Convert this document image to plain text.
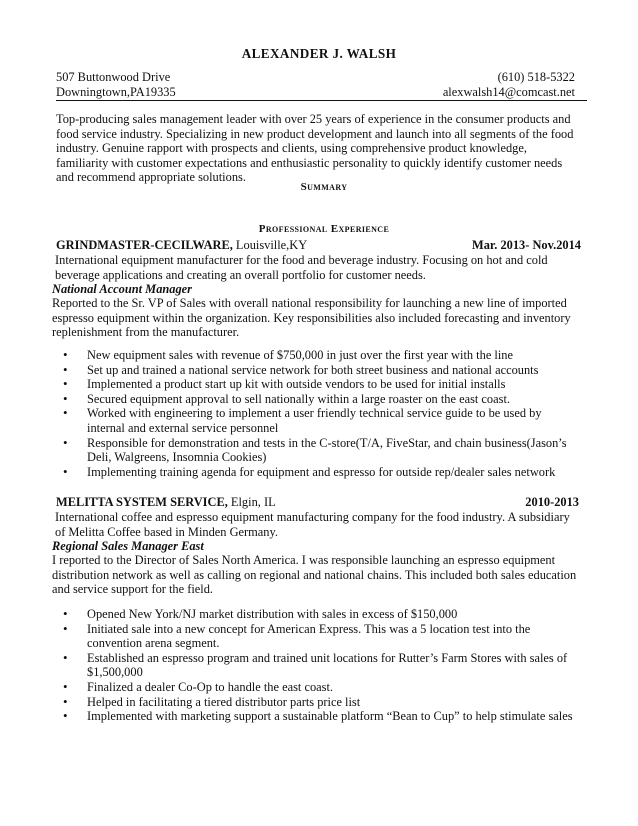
ALEXANDER J. WALSH
507 Buttonwood Drive	(610) 518-5322
Downingtown,PA19335	alexwalsh14@comcast.net
Top-producing sales management leader with over 25 years of experience in the consumer products and
food service industry. Specializing in new product development and launch into all segments of the food
industry. Genuine rapport with prospects and clients, using comprehensive product knowledge,
familiarity with customer expectations and enthusiastic personality to quickly identify customer needs
and recommend appropriate solutions.
Summary
Professional Experience
GRINDMASTER-CECILWARE, Louisville,KY	Mar. 2013- Nov.2014
International equipment manufacturer for the food and beverage industry. Focusing on hot and cold
beverage applications and creating an overall portfolio for customer needs.
National Account Manager
Reported to the Sr. VP of Sales with overall national responsibility for launching a new line of imported
espresso equipment within the organization. Key responsibilities also included forecasting and inventory
replenishment from the manufacturer.
• New equipment sales with revenue of $750,000 in just over the first year with the line
• Set up and trained a national service network for both street business and national accounts
• Implemented a product start up kit with outside vendors to be used for initial installs
• Secured equipment approval to sell nationally within a large roaster on the east coast.
• Worked with engineering to implement a user friendly technical service guide to be used by
internal and external service personnel
• Responsible for demonstration and tests in the C-store(T/A, FiveStar, and chain business(Jason’s
Deli, Walgreens, Insomnia Cookies)
• Implementing training agenda for equipment and espresso for outside rep/dealer sales network
MELITTA SYSTEM SERVICE, Elgin, IL	2010-2013
International coffee and espresso equipment manufacturing company for the food industry. A subsidiary
of Melitta Coffee based in Minden Germany.
Regional Sales Manager East
I reported to the Director of Sales North America. I was responsible launching an espresso equipment
distribution network as well as calling on regional and national chains. This included both sales education
and service support for the field.
• Opened New York/NJ market distribution with sales in excess of $150,000
• Initiated sale into a new concept for American Express. This was a 5 location test into the
convention arena segment.
• Established an espresso program and trained unit locations for Rutter’s Farm Stores with sales of
$1,500,000
• Finalized a dealer Co-Op to handle the east coast.
• Helped in facilitating a tiered distributor parts price list
• Implemented with marketing support a sustainable platform “Bean to Cup” to help stimulate sales
